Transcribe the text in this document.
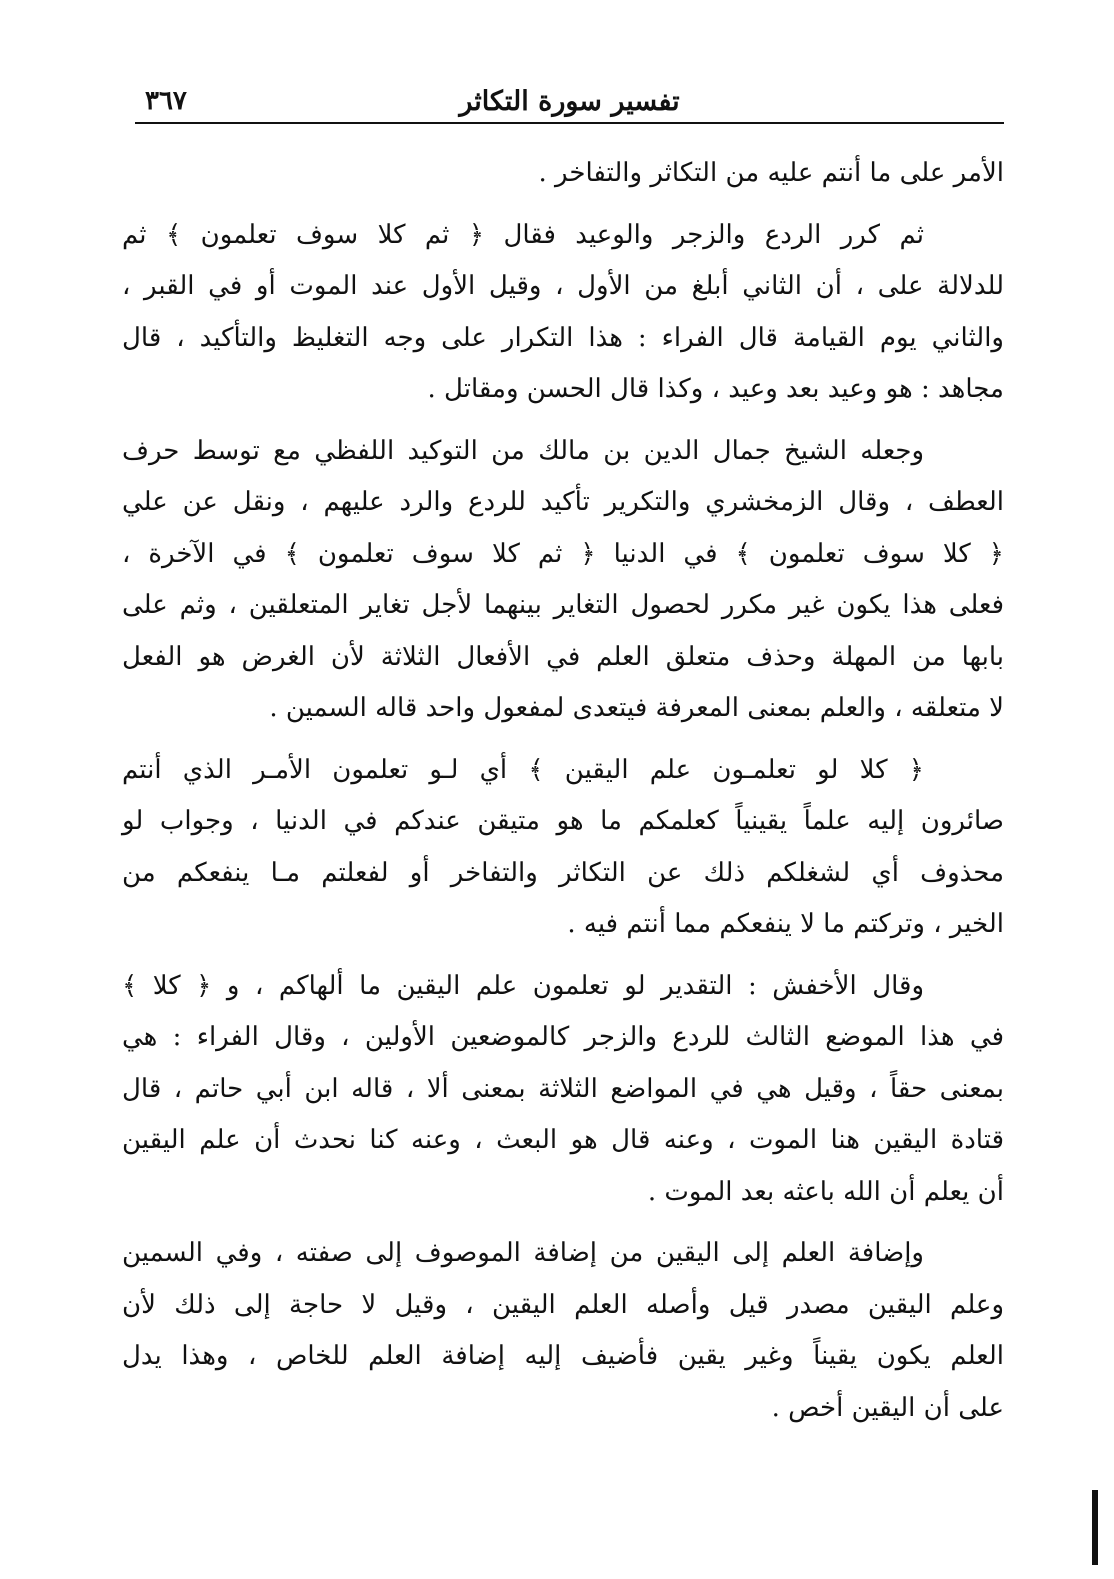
تفسير سورة التكاثر
٣٦٧
الأمر على ما أنتم عليه من التكاثر والتفاخر .
ثم كرر الردع والزجر والوعيد فقال ﴿ ثم كلا سوف تعلمون ﴾ ثم
للدلالة على ، أن الثاني أبلغ من الأول ، وقيل الأول عند الموت أو في القبر ،
والثاني يوم القيامة قال الفراء : هذا التكرار على وجه التغليظ والتأكيد ، قال
مجاهد : هو وعيد بعد وعيد ، وكذا قال الحسن ومقاتل .
وجعله الشيخ جمال الدين بن مالك من التوكيد اللفظي مع توسط حرف
العطف ، وقال الزمخشري والتكرير تأكيد للردع والرد عليهم ، ونقل عن علي
﴿ كلا سوف تعلمون ﴾ في الدنيا ﴿ ثم كلا سوف تعلمون ﴾ في الآخرة ،
فعلى هذا يكون غير مكرر لحصول التغاير بينهما لأجل تغاير المتعلقين ، وثم على
بابها من المهلة وحذف متعلق العلم في الأفعال الثلاثة لأن الغرض هو الفعل
لا متعلقه ، والعلم بمعنى المعرفة فيتعدى لمفعول واحد قاله السمين .
﴿ كلا لو تعلمـون علم اليقين ﴾ أي لـو تعلمون الأمـر الذي أنتم
صائرون إليه علماً يقينياً كعلمكم ما هو متيقن عندكم في الدنيا ، وجواب لو
محذوف أي لشغلكم ذلك عن التكاثر والتفاخر أو لفعلتم مـا ينفعكم من
الخير ، وتركتم ما لا ينفعكم مما أنتم فيه .
وقال الأخفش : التقدير لو تعلمون علم اليقين ما ألهاكم ، و ﴿ كلا ﴾
في هذا الموضع الثالث للردع والزجر كالموضعين الأولين ، وقال الفراء : هي
بمعنى حقاً ، وقيل هي في المواضع الثلاثة بمعنى ألا ، قاله ابن أبي حاتم ، قال
قتادة اليقين هنا الموت ، وعنه قال هو البعث ، وعنه كنا نحدث أن علم اليقين
أن يعلم أن الله باعثه بعد الموت .
وإضافة العلم إلى اليقين من إضافة الموصوف إلى صفته ، وفي السمين
وعلم اليقين مصدر قيل وأصله العلم اليقين ، وقيل لا حاجة إلى ذلك لأن
العلم يكون يقيناً وغير يقين فأضيف إليه إضافة العلم للخاص ، وهذا يدل
على أن اليقين أخص .
